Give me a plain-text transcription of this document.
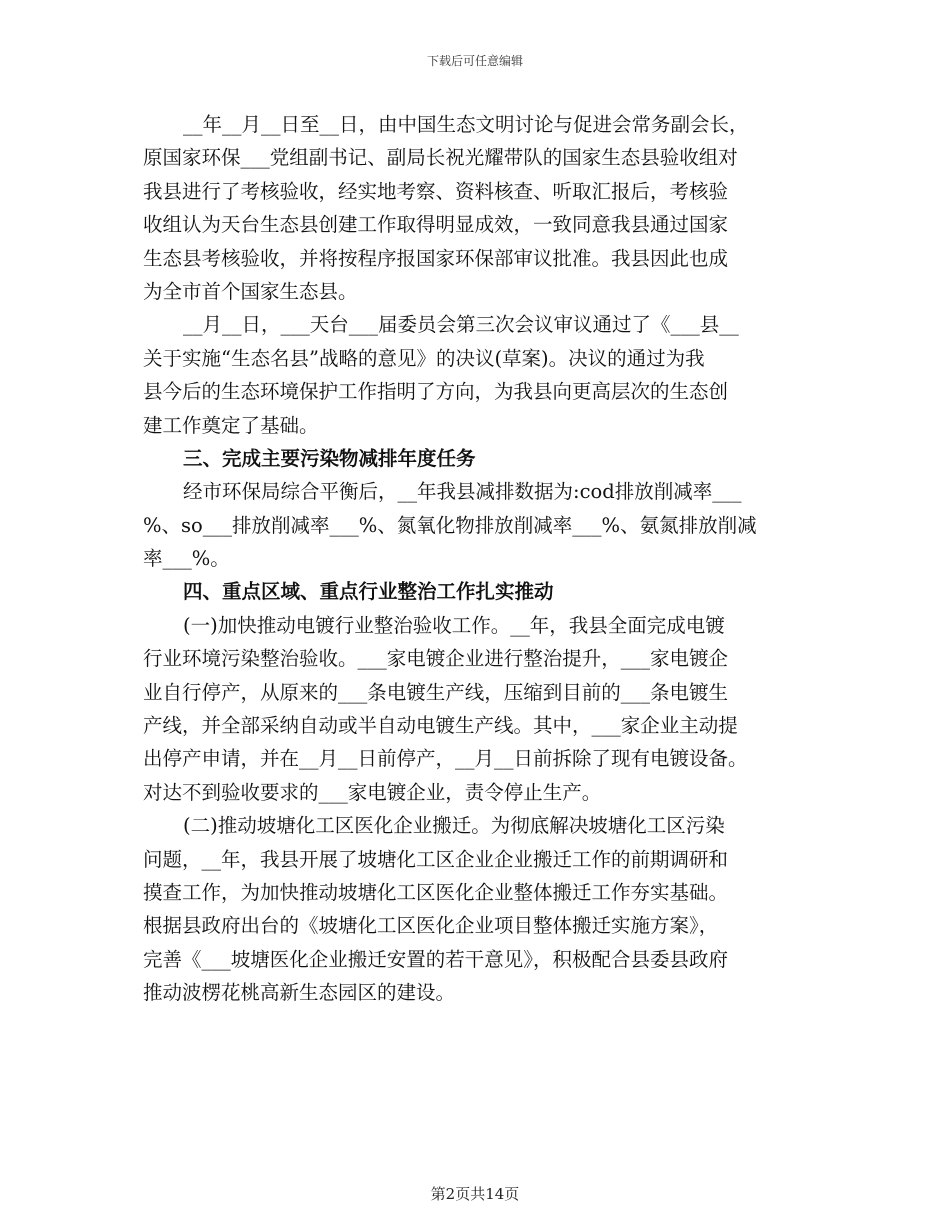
下载后可任意编辑
__年__月__日至__日，由中国生态文明讨论与促进会常务副会长，
原国家环保___党组副书记、副局长祝光耀带队的国家生态县验收组对
我县进行了考核验收，经实地考察、资料核查、听取汇报后，考核验
收组认为天台生态县创建工作取得明显成效，一致同意我县通过国家
生态县考核验收，并将按程序报国家环保部审议批准。我县因此也成
为全市首个国家生态县。
__月__日，___天台___届委员会第三次会议审议通过了《___县__
关于实施“生态名县”战略的意见》的决议(草案)。决议的通过为我
县今后的生态环境保护工作指明了方向，为我县向更高层次的生态创
建工作奠定了基础。
三、完成主要污染物减排年度任务
经市环保局综合平衡后，__年我县减排数据为:cod排放削减率___
%、so___排放削减率___%、氮氧化物排放削减率___%、氨氮排放削减
率___%。
四、重点区域、重点行业整治工作扎实推动
(一)加快推动电镀行业整治验收工作。__年，我县全面完成电镀
行业环境污染整治验收。___家电镀企业进行整治提升，___家电镀企
业自行停产，从原来的___条电镀生产线，压缩到目前的___条电镀生
产线，并全部采纳自动或半自动电镀生产线。其中，___家企业主动提
出停产申请，并在__月__日前停产，__月__日前拆除了现有电镀设备。
对达不到验收要求的___家电镀企业，责令停止生产。
(二)推动坡塘化工区医化企业搬迁。为彻底解决坡塘化工区污染
问题，__年，我县开展了坡塘化工区企业企业搬迁工作的前期调研和
摸查工作，为加快推动坡塘化工区医化企业整体搬迁工作夯实基础。
根据县政府出台的《坡塘化工区医化企业项目整体搬迁实施方案》，
完善《___坡塘医化企业搬迁安置的若干意见》，积极配合县委县政府
推动波楞花桃高新生态园区的建设。
第2页共14页
